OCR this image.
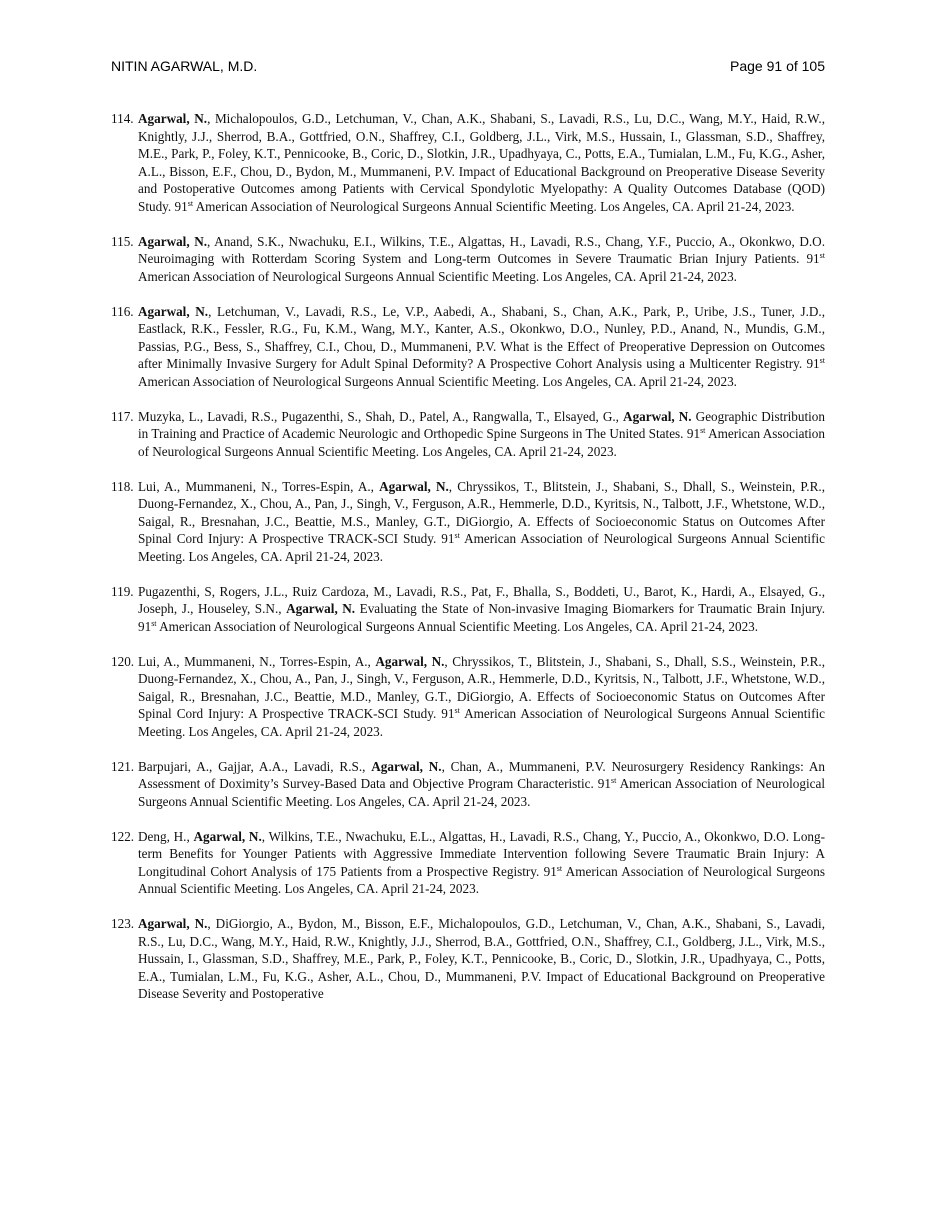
NITIN AGARWAL, M.D.	Page 91 of 105
114. Agarwal, N., Michalopoulos, G.D., Letchuman, V., Chan, A.K., Shabani, S., Lavadi, R.S., Lu, D.C., Wang, M.Y., Haid, R.W., Knightly, J.J., Sherrod, B.A., Gottfried, O.N., Shaffrey, C.I., Goldberg, J.L., Virk, M.S., Hussain, I., Glassman, S.D., Shaffrey, M.E., Park, P., Foley, K.T., Pennicooke, B., Coric, D., Slotkin, J.R., Upadhyaya, C., Potts, E.A., Tumialan, L.M., Fu, K.G., Asher, A.L., Bisson, E.F., Chou, D., Bydon, M., Mummaneni, P.V. Impact of Educational Background on Preoperative Disease Severity and Postoperative Outcomes among Patients with Cervical Spondylotic Myelopathy: A Quality Outcomes Database (QOD) Study. 91st American Association of Neurological Surgeons Annual Scientific Meeting. Los Angeles, CA. April 21-24, 2023.
115. Agarwal, N., Anand, S.K., Nwachuku, E.I., Wilkins, T.E., Algattas, H., Lavadi, R.S., Chang, Y.F., Puccio, A., Okonkwo, D.O. Neuroimaging with Rotterdam Scoring System and Long-term Outcomes in Severe Traumatic Brian Injury Patients. 91st American Association of Neurological Surgeons Annual Scientific Meeting. Los Angeles, CA. April 21-24, 2023.
116. Agarwal, N., Letchuman, V., Lavadi, R.S., Le, V.P., Aabedi, A., Shabani, S., Chan, A.K., Park, P., Uribe, J.S., Tuner, J.D., Eastlack, R.K., Fessler, R.G., Fu, K.M., Wang, M.Y., Kanter, A.S., Okonkwo, D.O., Nunley, P.D., Anand, N., Mundis, G.M., Passias, P.G., Bess, S., Shaffrey, C.I., Chou, D., Mummaneni, P.V. What is the Effect of Preoperative Depression on Outcomes after Minimally Invasive Surgery for Adult Spinal Deformity? A Prospective Cohort Analysis using a Multicenter Registry. 91st American Association of Neurological Surgeons Annual Scientific Meeting. Los Angeles, CA. April 21-24, 2023.
117. Muzyka, L., Lavadi, R.S., Pugazenthi, S., Shah, D., Patel, A., Rangwalla, T., Elsayed, G., Agarwal, N. Geographic Distribution in Training and Practice of Academic Neurologic and Orthopedic Spine Surgeons in The United States. 91st American Association of Neurological Surgeons Annual Scientific Meeting. Los Angeles, CA. April 21-24, 2023.
118. Lui, A., Mummaneni, N., Torres-Espin, A., Agarwal, N., Chryssikos, T., Blitstein, J., Shabani, S., Dhall, S., Weinstein, P.R., Duong-Fernandez, X., Chou, A., Pan, J., Singh, V., Ferguson, A.R., Hemmerle, D.D., Kyritsis, N., Talbott, J.F., Whetstone, W.D., Saigal, R., Bresnahan, J.C., Beattie, M.S., Manley, G.T., DiGiorgio, A. Effects of Socioeconomic Status on Outcomes After Spinal Cord Injury: A Prospective TRACK-SCI Study. 91st American Association of Neurological Surgeons Annual Scientific Meeting. Los Angeles, CA. April 21-24, 2023.
119. Pugazenthi, S, Rogers, J.L., Ruiz Cardoza, M., Lavadi, R.S., Pat, F., Bhalla, S., Boddeti, U., Barot, K., Hardi, A., Elsayed, G., Joseph, J., Houseley, S.N., Agarwal, N. Evaluating the State of Non-invasive Imaging Biomarkers for Traumatic Brain Injury. 91st American Association of Neurological Surgeons Annual Scientific Meeting. Los Angeles, CA. April 21-24, 2023.
120. Lui, A., Mummaneni, N., Torres-Espin, A., Agarwal, N., Chryssikos, T., Blitstein, J., Shabani, S., Dhall, S.S., Weinstein, P.R., Duong-Fernandez, X., Chou, A., Pan, J., Singh, V., Ferguson, A.R., Hemmerle, D.D., Kyritsis, N., Talbott, J.F., Whetstone, W.D., Saigal, R., Bresnahan, J.C., Beattie, M.D., Manley, G.T., DiGiorgio, A. Effects of Socioeconomic Status on Outcomes After Spinal Cord Injury: A Prospective TRACK-SCI Study. 91st American Association of Neurological Surgeons Annual Scientific Meeting. Los Angeles, CA. April 21-24, 2023.
121. Barpujari, A., Gajjar, A.A., Lavadi, R.S., Agarwal, N., Chan, A., Mummaneni, P.V. Neurosurgery Residency Rankings: An Assessment of Doximity’s Survey-Based Data and Objective Program Characteristic. 91st American Association of Neurological Surgeons Annual Scientific Meeting. Los Angeles, CA. April 21-24, 2023.
122. Deng, H., Agarwal, N., Wilkins, T.E., Nwachuku, E.L., Algattas, H., Lavadi, R.S., Chang, Y., Puccio, A., Okonkwo, D.O. Long-term Benefits for Younger Patients with Aggressive Immediate Intervention following Severe Traumatic Brain Injury: A Longitudinal Cohort Analysis of 175 Patients from a Prospective Registry. 91st American Association of Neurological Surgeons Annual Scientific Meeting. Los Angeles, CA. April 21-24, 2023.
123. Agarwal, N., DiGiorgio, A., Bydon, M., Bisson, E.F., Michalopoulos, G.D., Letchuman, V., Chan, A.K., Shabani, S., Lavadi, R.S., Lu, D.C., Wang, M.Y., Haid, R.W., Knightly, J.J., Sherrod, B.A., Gottfried, O.N., Shaffrey, C.I., Goldberg, J.L., Virk, M.S., Hussain, I., Glassman, S.D., Shaffrey, M.E., Park, P., Foley, K.T., Pennicooke, B., Coric, D., Slotkin, J.R., Upadhyaya, C., Potts, E.A., Tumialan, L.M., Fu, K.G., Asher, A.L., Chou, D., Mummaneni, P.V. Impact of Educational Background on Preoperative Disease Severity and Postoperative
